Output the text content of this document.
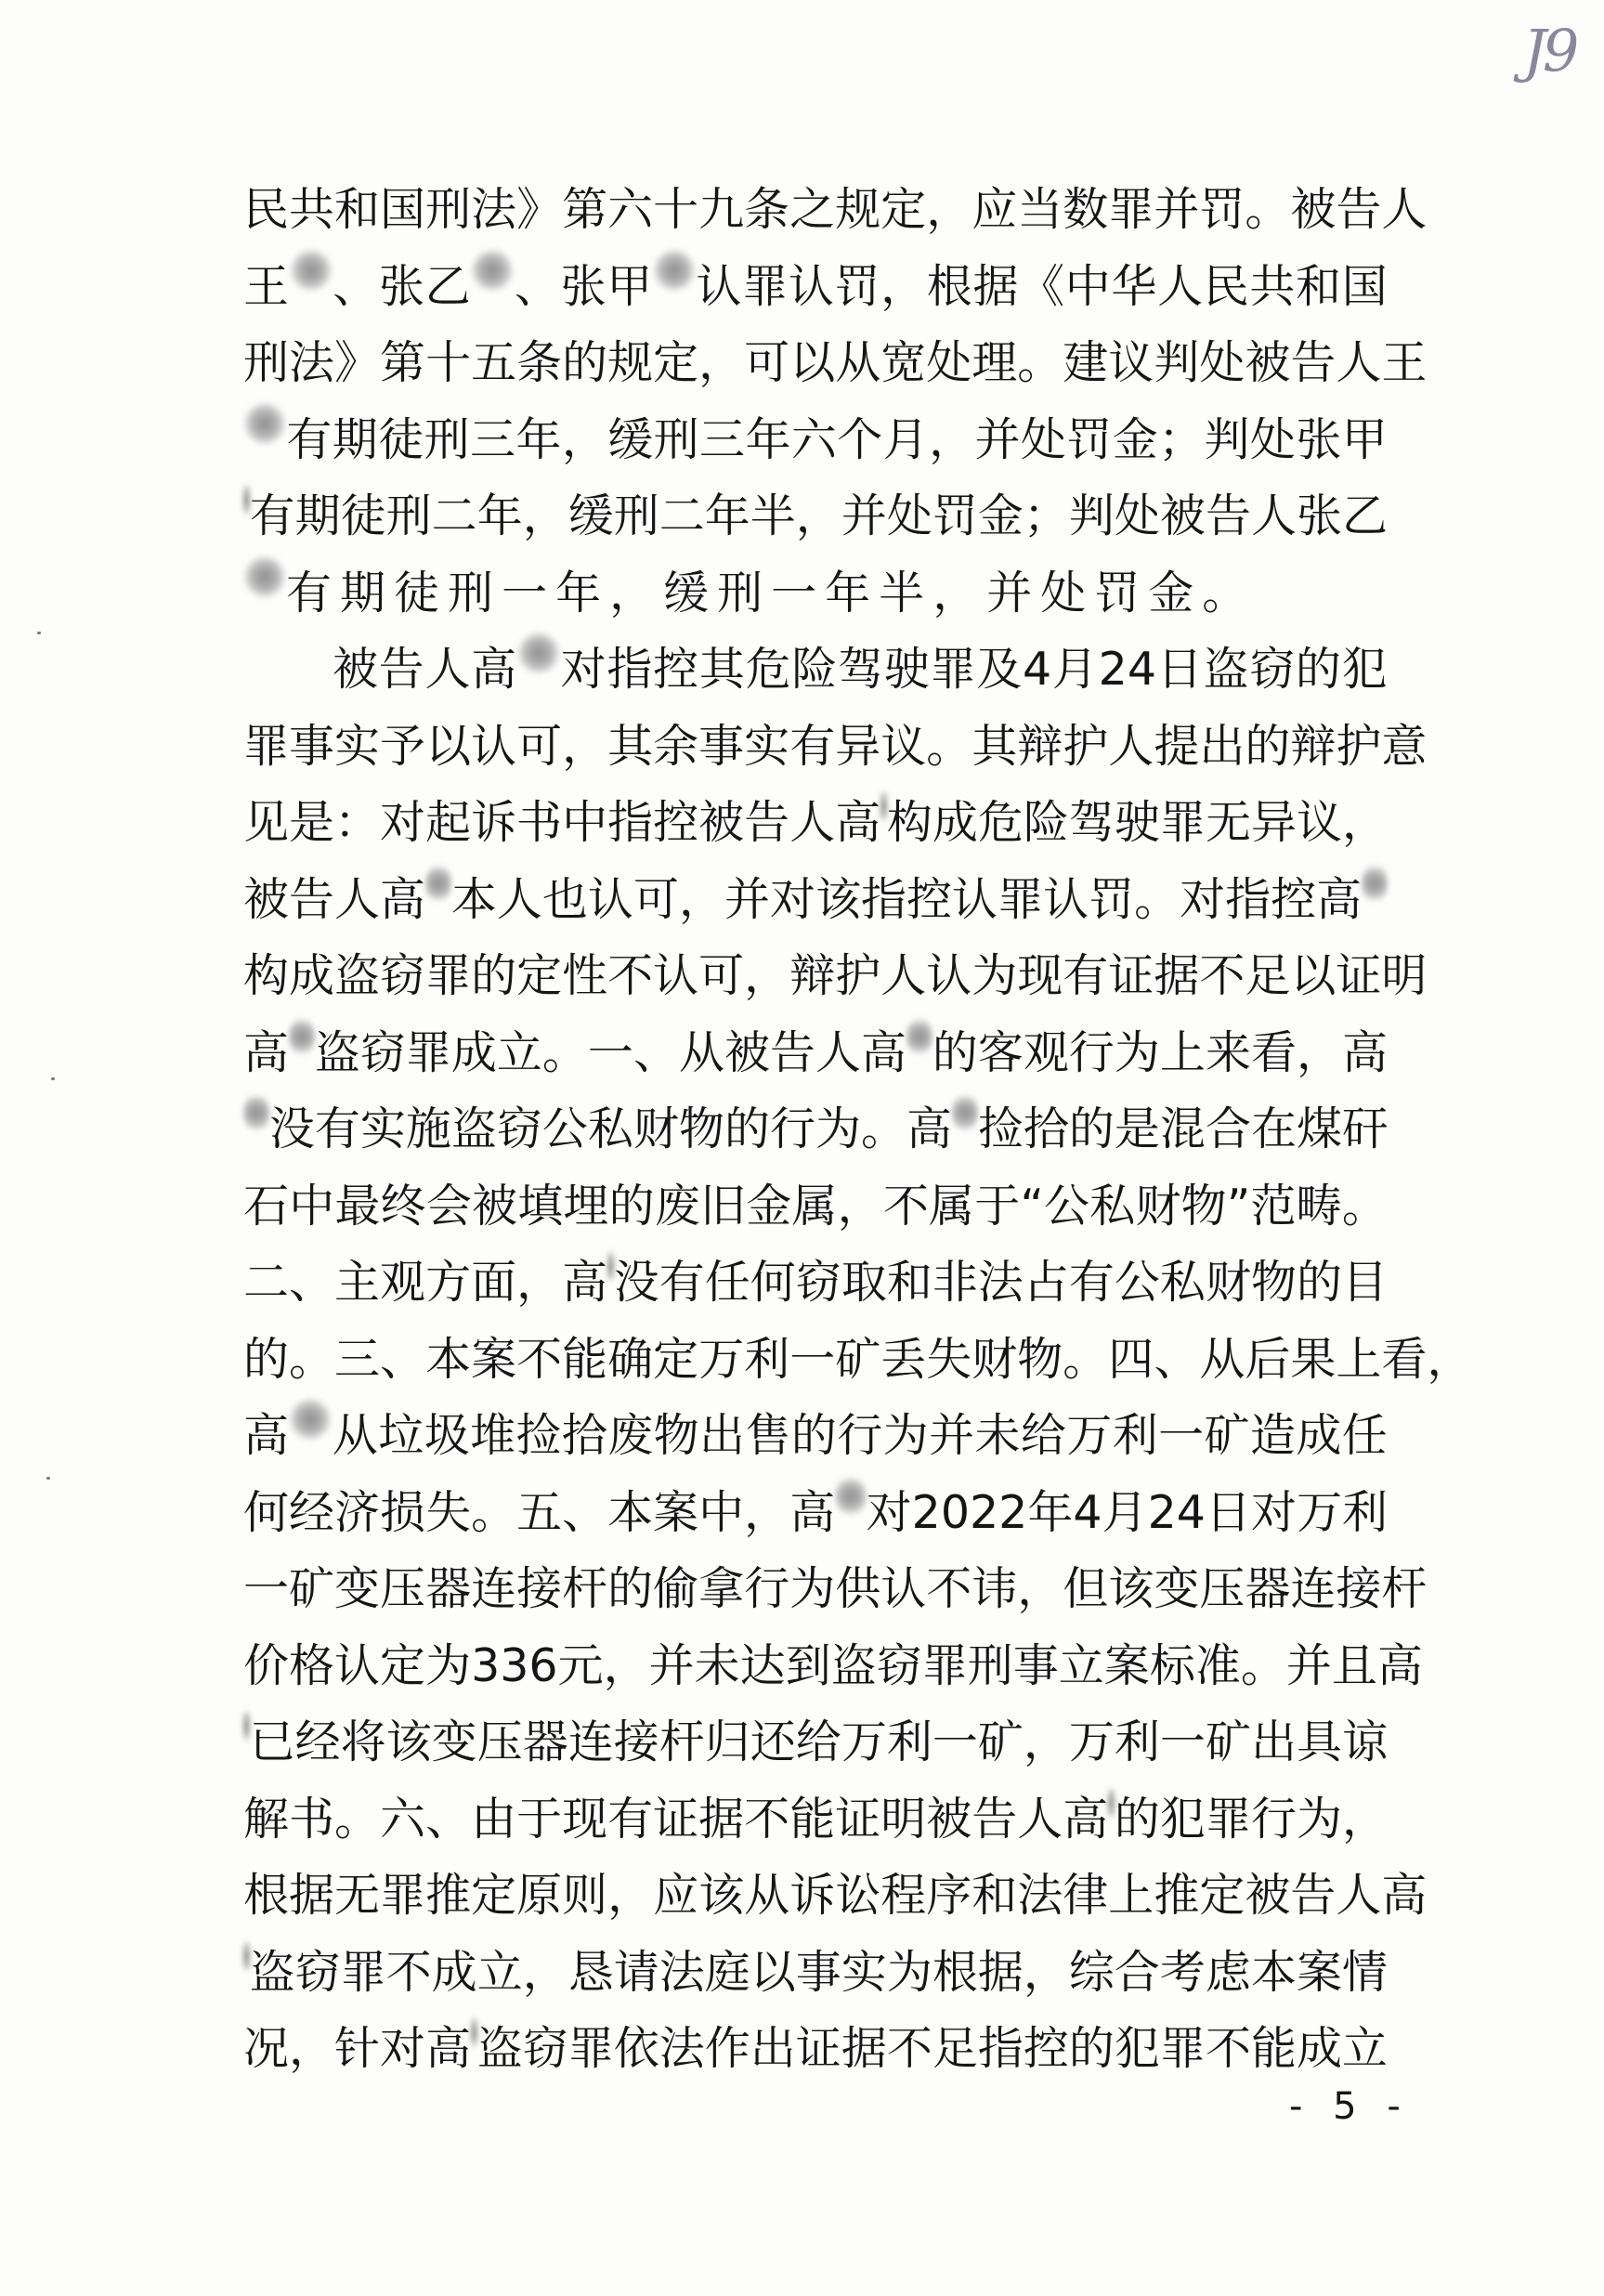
J9
民 共 和 国 刑 法 》 第 六 十 九 条 之 规 定 ， 应 当 数 罪 并 罚 。 被 告 人
王 、 张 乙 、 张 甲 认 罪 认 罚 ， 根 据 《 中 华 人 民 共 和 国
刑 法 》 第 十 五 条 的 规 定 ， 可 以 从 宽 处 理 。 建 议 判 处 被 告 人 王
有 期 徒 刑 三 年 ， 缓 刑 三 年 六 个 月 ， 并 处 罚 金 ； 判 处 张 甲
有 期 徒 刑 二 年 ， 缓 刑 二 年 半 ， 并 处 罚 金 ； 判 处 被 告 人 张 乙
有 期 徒 刑 一 年 ， 缓 刑 一 年 半 ， 并 处 罚 金 。
被 告 人 高 对 指 控 其 危 险 驾 驶 罪 及 4 月 24 日 盗 窃 的 犯
罪 事 实 予 以 认 可 ， 其 余 事 实 有 异 议 。 其 辩 护 人 提 出 的 辩 护 意
见 是 ： 对 起 诉 书 中 指 控 被 告 人 高 构 成 危 险 驾 驶 罪 无 异 议 ，
被 告 人 高 本 人 也 认 可 ， 并 对 该 指 控 认 罪 认 罚 。 对 指 控 高
构 成 盗 窃 罪 的 定 性 不 认 可 ， 辩 护 人 认 为 现 有 证 据 不 足 以 证 明
高 盗 窃 罪 成 立 。 一 、 从 被 告 人 高 的 客 观 行 为 上 来 看 ， 高
没 有 实 施 盗 窃 公 私 财 物 的 行 为 。 高 捡 拾 的 是 混 合 在 煤 矸
石 中 最 终 会 被 填 埋 的 废 旧 金 属 ， 不 属 于 “ 公 私 财 物 ” 范 畴 。
二 、 主 观 方 面 ， 高 没 有 任 何 窃 取 和 非 法 占 有 公 私 财 物 的 目
的 。 三 、 本 案 不 能 确 定 万 利 一 矿 丢 失 财 物 。 四 、 从 后 果 上 看 ，
高 从 垃 圾 堆 捡 拾 废 物 出 售 的 行 为 并 未 给 万 利 一 矿 造 成 任
何 经 济 损 失 。 五 、 本 案 中 ， 高 对 2022 年 4 月 24 日 对 万 利
一 矿 变 压 器 连 接 杆 的 偷 拿 行 为 供 认 不 讳 ， 但 该 变 压 器 连 接 杆
价 格 认 定 为 336 元 ， 并 未 达 到 盗 窃 罪 刑 事 立 案 标 准 。 并 且 高
已 经 将 该 变 压 器 连 接 杆 归 还 给 万 利 一 矿 ， 万 利 一 矿 出 具 谅
解 书 。 六 、 由 于 现 有 证 据 不 能 证 明 被 告 人 高 的 犯 罪 行 为 ，
根 据 无 罪 推 定 原 则 ， 应 该 从 诉 讼 程 序 和 法 律 上 推 定 被 告 人 高
盗 窃 罪 不 成 立 ， 恳 请 法 庭 以 事 实 为 根 据 ， 综 合 考 虑 本 案 情
况 ， 针 对 高 盗 窃 罪 依 法 作 出 证 据 不 足 指 控 的 犯 罪 不 能 成 立
- 5 -
